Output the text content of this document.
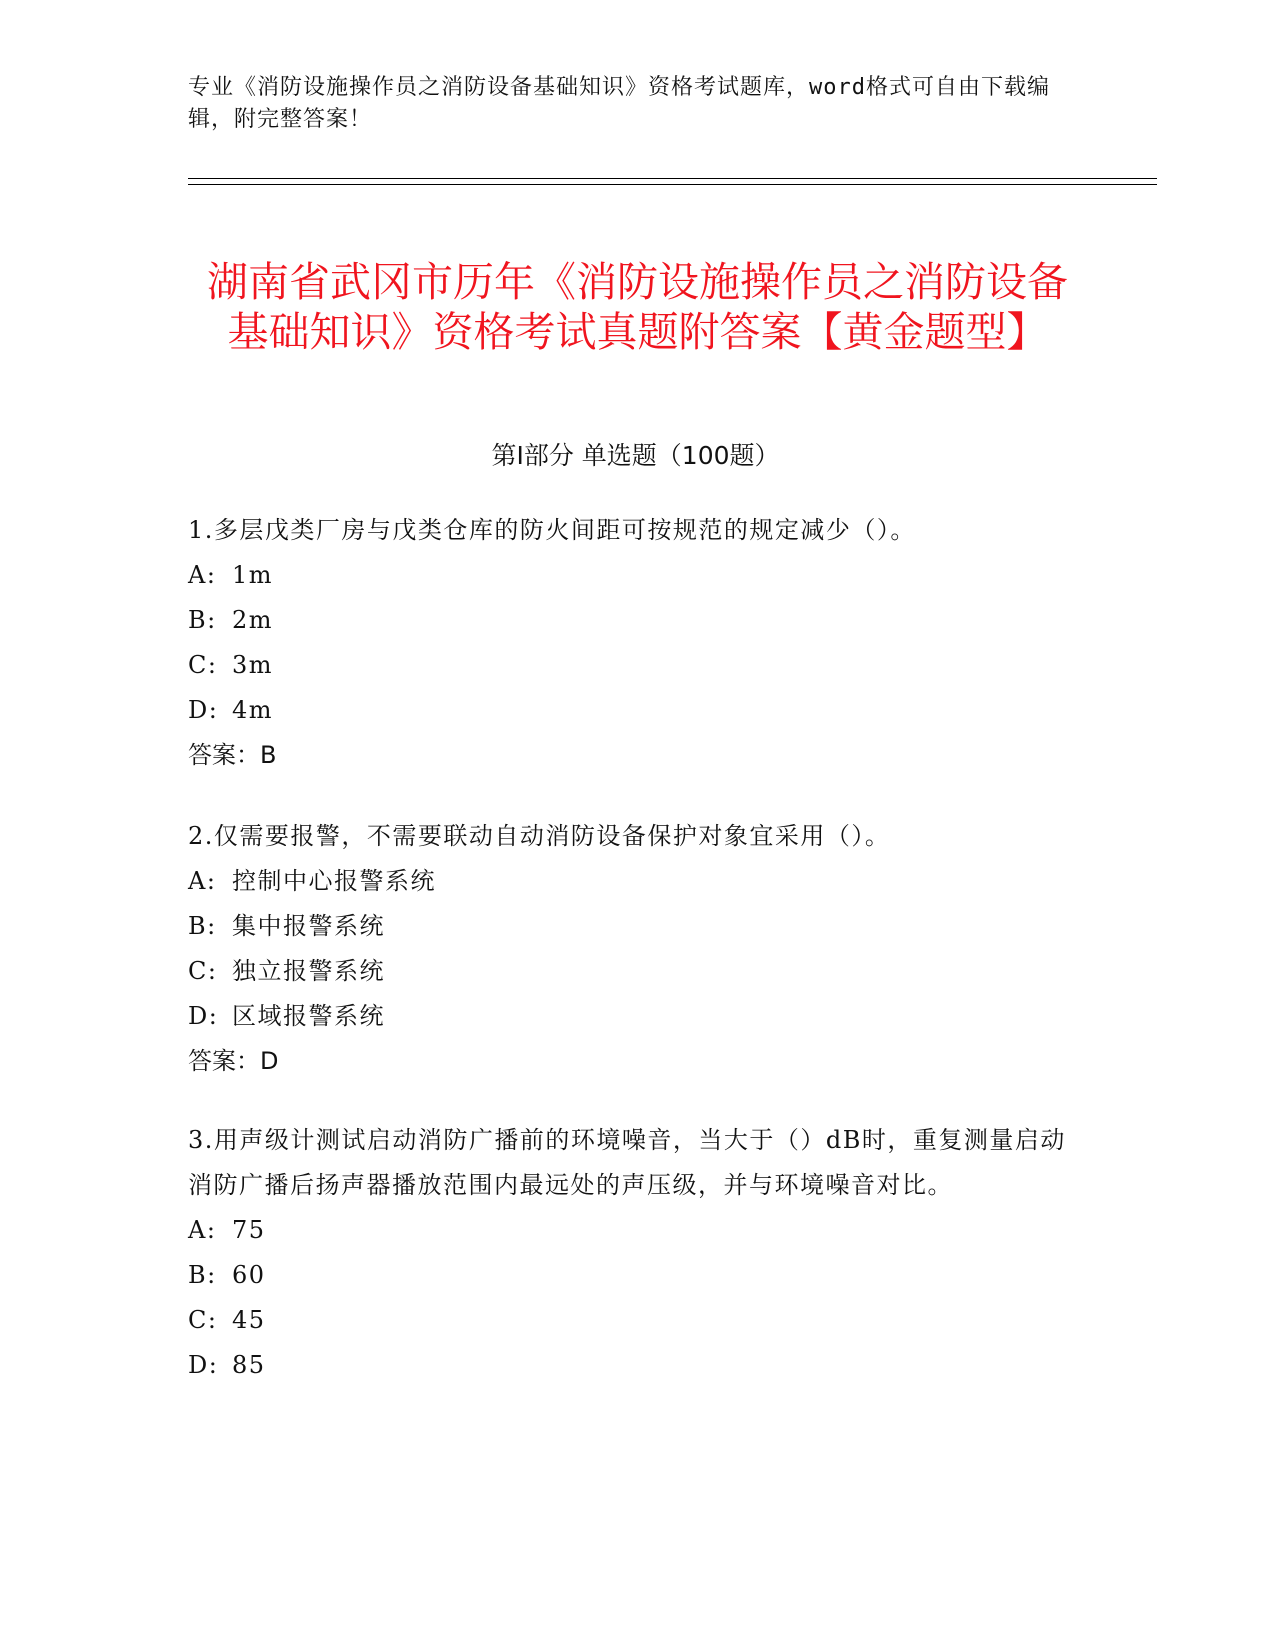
专业《消防设施操作员之消防设备基础知识》资格考试题库，word格式可自由下载编辑，附完整答案！
湖南省武冈市历年《消防设施操作员之消防设备基础知识》资格考试真题附答案【黄金题型】
第Ⅰ部分 单选题（100题）
1.多层戊类厂房与戊类仓库的防火间距可按规范的规定减少（）。
A: 1m
B: 2m
C: 3m
D: 4m
答案：B
2.仅需要报警，不需要联动自动消防设备保护对象宜采用（）。
A: 控制中心报警系统
B: 集中报警系统
C: 独立报警系统
D: 区域报警系统
答案：D
3.用声级计测试启动消防广播前的环境噪音，当大于（）dB时，重复测量启动消防广播后扬声器播放范围内最远处的声压级，并与环境噪音对比。
A: 75
B: 60
C: 45
D: 85
